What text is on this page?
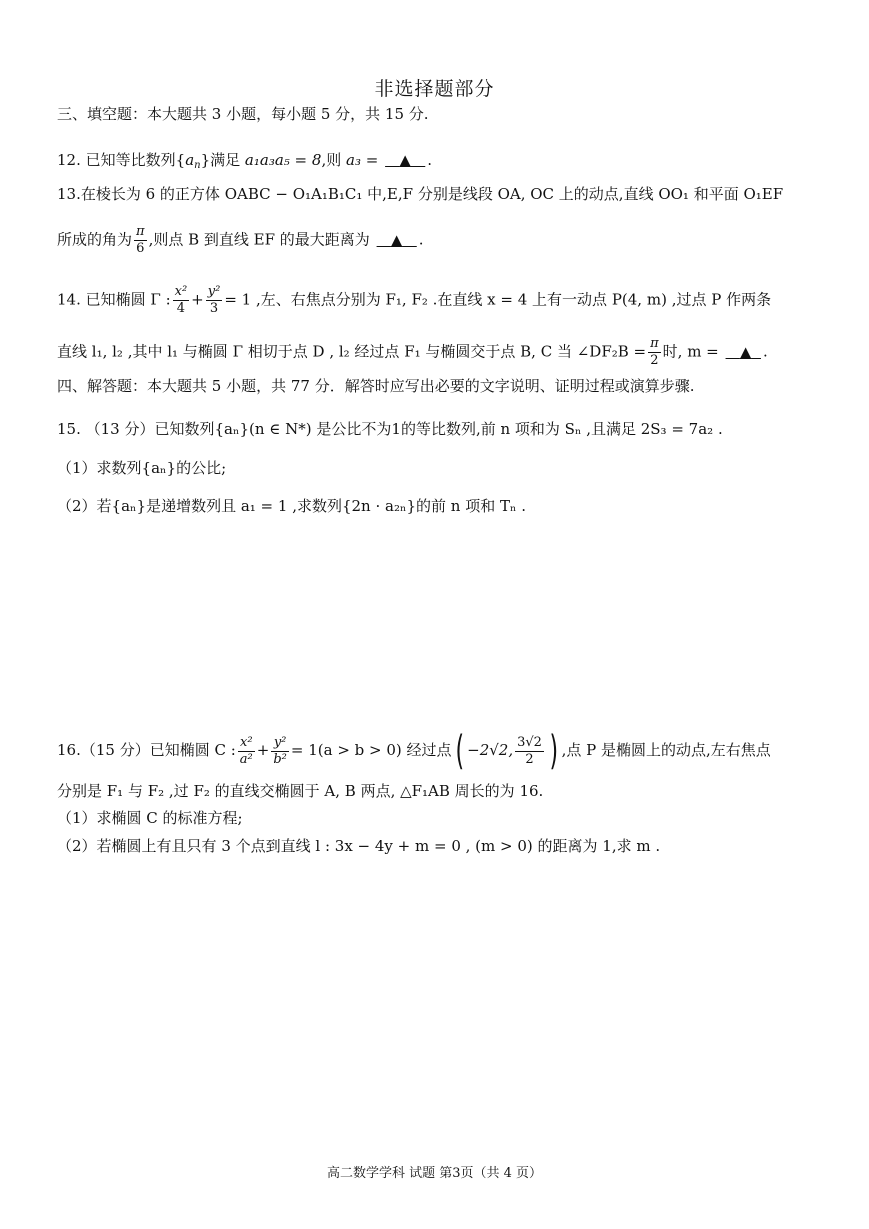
非选择题部分
三、填空题：本大题共 3 小题，每小题 5 分，共 15 分.
12. 已知等比数列$\{a_n\}$满足 a₁a₃a₅ = 8,则 a₃ = ▲ .
13.在棱长为 6 的正方体 OABC − O₁A₁B₁C₁ 中,E,F 分别是线段 OA, OC 上的动点,直线 OO₁ 和平面 O₁EF
所成的角为 $\frac{\pi}{6}$ ,则点 B 到直线 EF 的最大距离为 ▲ .
14. 已知椭圆 Γ : $\frac{\text{x²}}{4} + \frac{\text{y²}}{3} = 1$ ,左、右焦点分别为 F₁, F₂ .在直线 x = 4 上有一动点 P(4, m) ,过点 P 作两条
直线 l₁, l₂ ,其中 l₁ 与椭圆 Γ 相切于点 D , l₂ 经过点 F₁ 与椭圆交于点 B, C 当 ∠DF₂B = $\frac{\pi}{2}$ 时, m = ▲ .
四、解答题：本大题共 5 小题，共 77 分．解答时应写出必要的文字说明、证明过程或演算步骤.
15. （13 分）已知数列{aₙ}(n ∈ N*) 是公比不为1的等比数列,前 n 项和为 Sₙ ,且满足 2S₃ = 7a₂ .
（1）求数列{aₙ}的公比;
（2）若{aₙ}是递增数列且 a₁ = 1 ,求数列{2n · a₂ₙ}的前 n 项和 Tₙ .
16.（15 分）已知椭圆 C : $\frac{\text{x²}}{\text{a²}} + \frac{\text{y²}}{\text{b²}} = 1(a > b > 0)$ 经过点( −2√2, $\frac{3√2}{2}$ ) ,点 P 是椭圆上的动点,左右焦点
分别是 F₁ 与 F₂ ,过 F₂ 的直线交椭圆于 A, B 两点, △F₁AB 周长的为 16.
（1）求椭圆 C 的标准方程;
（2）若椭圆上有且只有 3 个点到直线 l : 3x − 4y + m = 0 , (m > 0) 的距离为 1,求 m .
高二数学学科 试题 第3页（共 4 页）
